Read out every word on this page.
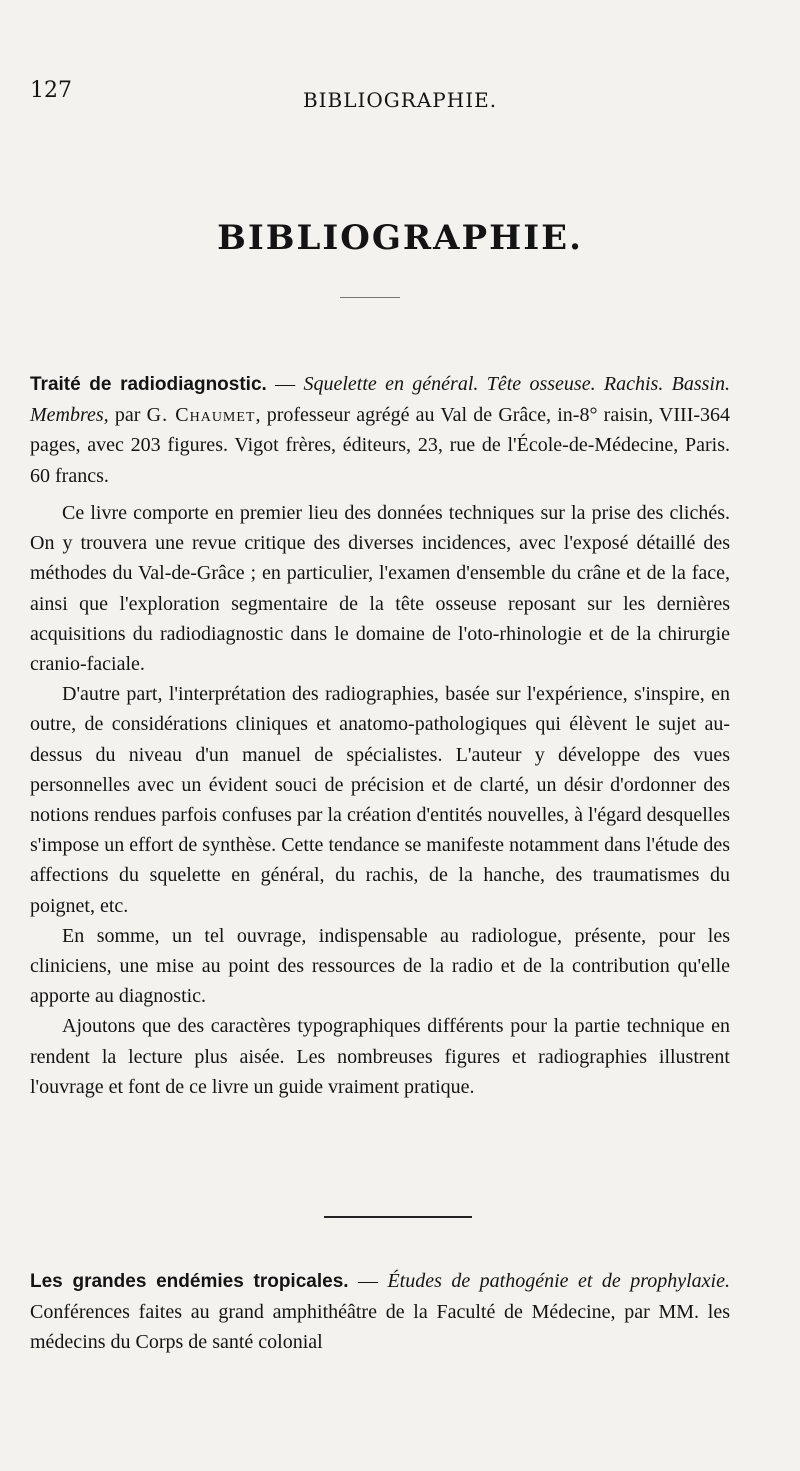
127	BIBLIOGRAPHIE.
BIBLIOGRAPHIE.

Traité de radiodiagnostic. — Squelette en général. Tête osseuse. Rachis. Bassin. Membres, par G. Chaumet, professeur agrégé au Val de Grâce, in-8° raisin, VIII-364 pages, avec 203 figures. Vigot frères, éditeurs, 23, rue de l'École-de-Médecine, Paris. 60 francs.

Ce livre comporte en premier lieu des données techniques sur la prise des clichés. On y trouvera une revue critique des diverses incidences, avec l'exposé détaillé des méthodes du Val-de-Grâce ; en particulier, l'examen d'ensemble du crâne et de la face, ainsi que l'exploration segmentaire de la tête osseuse reposant sur les dernières acquisitions du radiodiagnostic dans le domaine de l'oto-rhinologie et de la chirurgie cranio-faciale.

D'autre part, l'interprétation des radiographies, basée sur l'expérience, s'inspire, en outre, de considérations cliniques et anatomo-pathologiques qui élèvent le sujet au-dessus du niveau d'un manuel de spécialistes. L'auteur y développe des vues personnelles avec un évident souci de précision et de clarté, un désir d'ordonner des notions rendues parfois confuses par la création d'entités nouvelles, à l'égard desquelles s'impose un effort de synthèse. Cette tendance se manifeste notamment dans l'étude des affections du squelette en général, du rachis, de la hanche, des traumatismes du poignet, etc.

En somme, un tel ouvrage, indispensable au radiologue, présente, pour les cliniciens, une mise au point des ressources de la radio et de la contribution qu'elle apporte au diagnostic.

Ajoutons que des caractères typographiques différents pour la partie technique en rendent la lecture plus aisée. Les nombreuses figures et radiographies illustrent l'ouvrage et font de ce livre un guide vraiment pratique.

Les grandes endémies tropicales. — Études de pathogénie et de prophylaxie. Conférences faites au grand amphithéâtre de la Faculté de Médecine, par MM. les médecins du Corps de santé colonial
